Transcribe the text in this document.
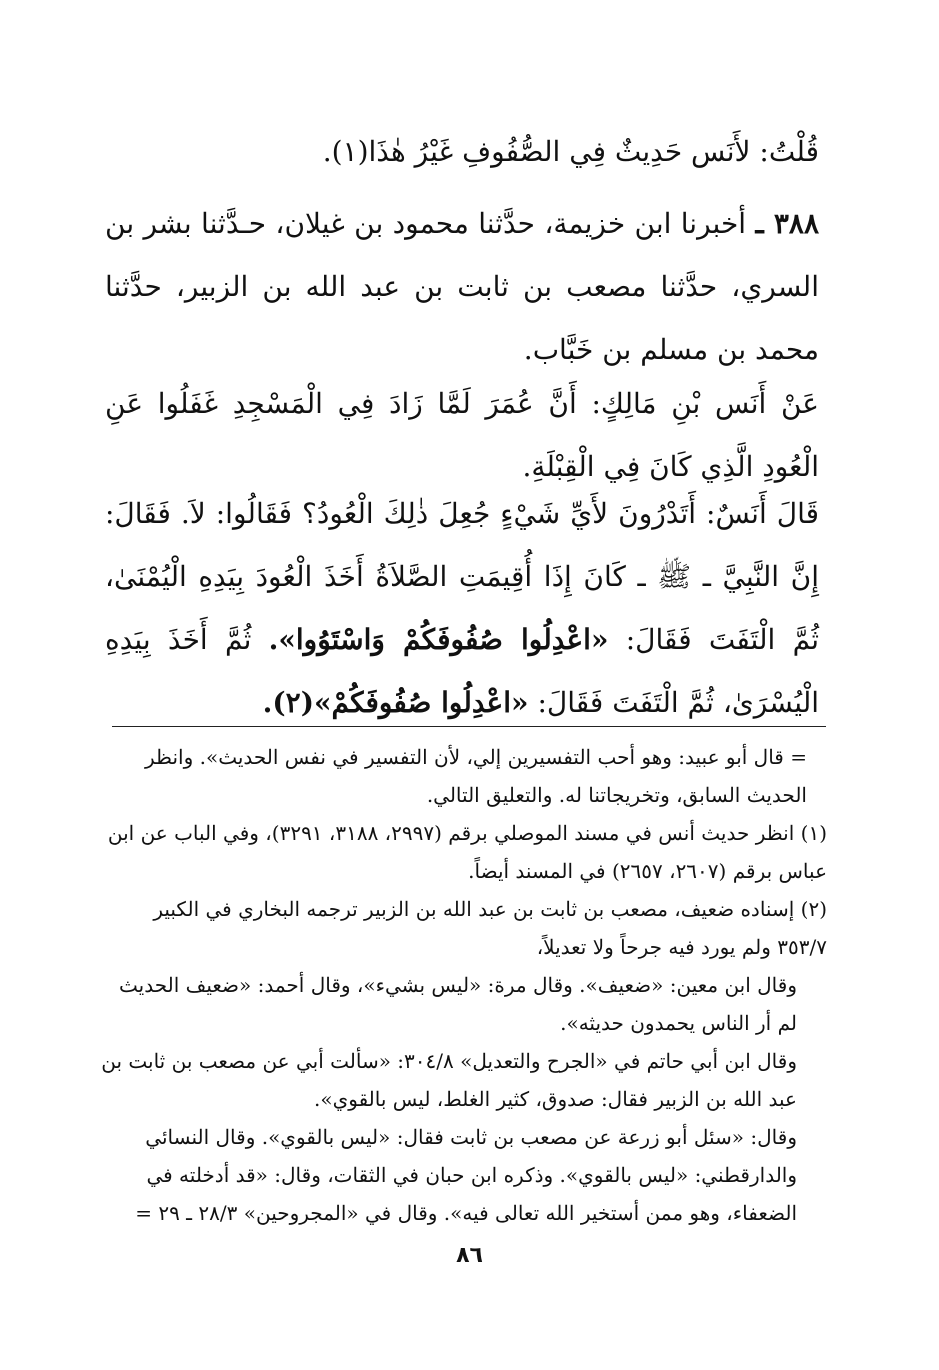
قُلْتُ: لأَنَس حَدِيثٌ فِي الصُّفُوفِ غَيْرُ هٰذَا(١).

٣٨٨ ـ أخبرنا ابن خزيمة، حدَّثنا محمود بن غيلان، حـدَّثنا بشر بن السري، حدَّثنا مصعب بن ثابت بن عبد الله بن الزبير، حدَّثنا محمد بن مسلم بن خَبَّاب.

عَنْ أَنَس بْنِ مَالِكٍ: أَنَّ عُمَرَ لَمَّا زَادَ فِي الْمَسْجِدِ غَفَلُوا عَنِ الْعُودِ الَّذِي كَانَ فِي الْقِبْلَةِ.

قَالَ أَنَسٌ: أَتَدْرُونَ لأَيِّ شَيْءٍ جُعِلَ ذٰلِكَ الْعُودُ؟ فَقَالُوا: لاَ. فَقَالَ: إِنَّ النَّبِيَّ ـ ﷺ ـ كَانَ إِذَا أُقِيمَتِ الصَّلاَةُ أَخَذَ الْعُودَ بِيَدِهِ الْيُمْنَىٰ، ثُمَّ الْتَفَتَ فَقَالَ: «اعْدِلُوا صُفُوفَكُمْ وَاسْتَوُوا». ثُمَّ أَخَذَ بِيَدِهِ الْيُسْرَىٰ، ثُمَّ الْتَفَتَ فَقَالَ: «اعْدِلُوا صُفُوفَكُمْ»(٢).

= قال أبو عبيد: وهو أحب التفسيرين إلي، لأن التفسير في نفس الحديث». وانظر الحديث السابق، وتخريجاتنا له. والتعليق التالي.

(١) انظر حديث أنس في مسند الموصلي برقم (٢٩٩٧، ٣١٨٨، ٣٢٩١)، وفي الباب عن ابن عباس برقم (٢٦٠٧، ٢٦٥٧) في المسند أيضاً.

(٢) إسناده ضعيف، مصعب بن ثابت بن عبد الله بن الزبير ترجمه البخاري في الكبير ٣٥٣/٧ ولم يورد فيه جرحاً ولا تعديلاً،

وقال ابن معين: «ضعيف». وقال مرة: «ليس بشيء»، وقال أحمد: «ضعيف الحديث لم أر الناس يحمدون حديثه».

وقال ابن أبي حاتم في «الجرح والتعديل» ٣٠٤/٨: «سألت أبي عن مصعب بن ثابت بن عبد الله بن الزبير فقال: صدوق، كثير الغلط، ليس بالقوي».

وقال: «سئل أبو زرعة عن مصعب بن ثابت فقال: «ليس بالقوي». وقال النسائي والدارقطني: «ليس بالقوي». وذكره ابن حبان في الثقات، وقال: «قد أدخلته في الضعفاء، وهو ممن أستخير الله تعالى فيه». وقال في «المجروحين» ٢٨/٣ ـ ٢٩ =

٨٦
